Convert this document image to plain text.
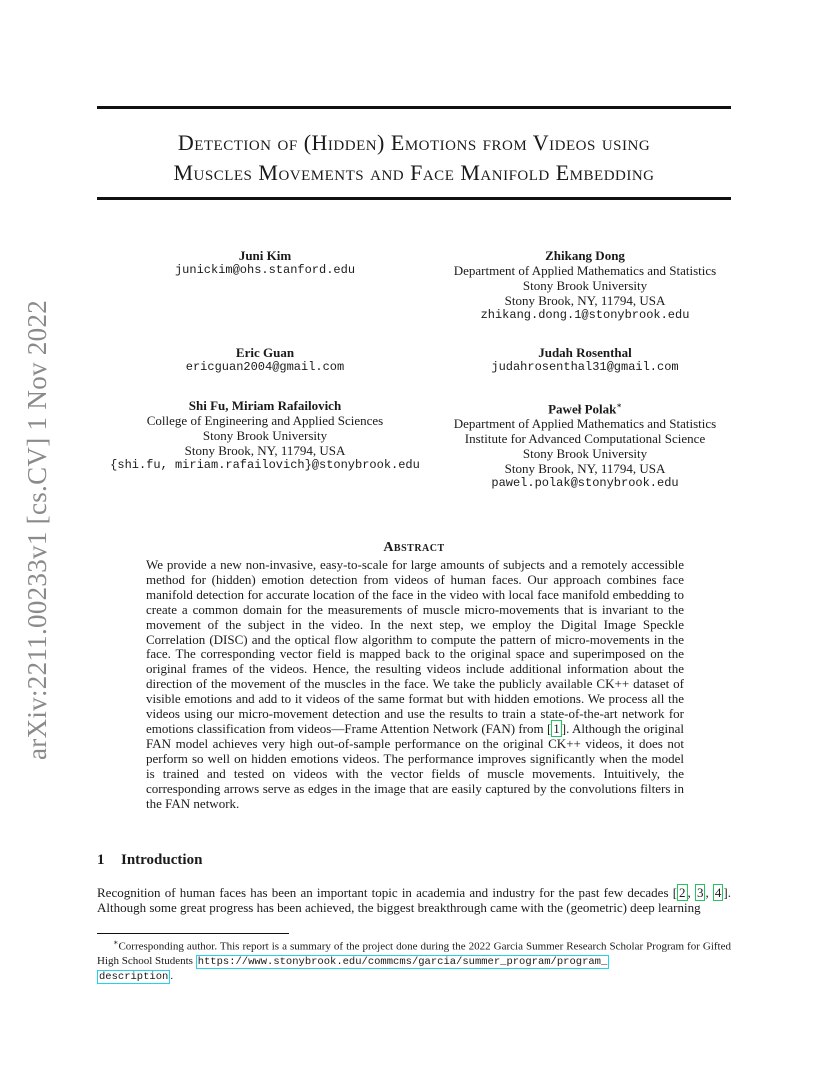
arXiv:2211.00233v1 [cs.CV] 1 Nov 2022
Detection of (Hidden) Emotions from Videos using
Muscles Movements and Face Manifold Embedding
Juni Kim
junickim@ohs.stanford.edu
Zhikang Dong
Department of Applied Mathematics and Statistics
Stony Brook University
Stony Brook, NY, 11794, USA
zhikang.dong.1@stonybrook.edu
Eric Guan
ericguan2004@gmail.com
Judah Rosenthal
judahrosenthal31@gmail.com
Shi Fu, Miriam Rafailovich
College of Engineering and Applied Sciences
Stony Brook University
Stony Brook, NY, 11794, USA
{shi.fu, miriam.rafailovich}@stonybrook.edu
Paweł Polak∗
Department of Applied Mathematics and Statistics
Institute for Advanced Computational Science
Stony Brook University
Stony Brook, NY, 11794, USA
pawel.polak@stonybrook.edu
Abstract
We provide a new non-invasive, easy-to-scale for large amounts of subjects and a remotely accessible method for (hidden) emotion detection from videos of human faces. Our approach combines face manifold detection for accurate location of the face in the video with local face manifold embedding to create a common domain for the measurements of muscle micro-movements that is invariant to the movement of the subject in the video. In the next step, we employ the Digital Image Speckle Correlation (DISC) and the optical flow algorithm to compute the pattern of micro-movements in the face. The corresponding vector field is mapped back to the original space and superimposed on the original frames of the videos. Hence, the resulting videos include additional information about the direction of the movement of the muscles in the face. We take the publicly available CK++ dataset of visible emotions and add to it videos of the same format but with hidden emotions. We process all the videos using our micro-movement detection and use the results to train a state-of-the-art network for emotions classification from videos—Frame Attention Network (FAN) from [ 1 ]. Although the original FAN model achieves very high out-of-sample performance on the original CK++ videos, it does not perform so well on hidden emotions videos. The performance improves significantly when the model is trained and tested on videos with the vector fields of muscle movements. Intuitively, the corresponding arrows serve as edges in the image that are easily captured by the convolutions filters in the FAN network.
1 Introduction
Recognition of human faces has been an important topic in academia and industry for the past few decades [ 2 , 3 , 4 ]. Although some great progress has been achieved, the biggest breakthrough came with the (geometric) deep learning
∗Corresponding author. This report is a summary of the project done during the 2022 Garcia Summer Research Scholar Program for Gifted High School Students https://www.stonybrook.edu/commcms/garcia/summer_program/program_
description .
